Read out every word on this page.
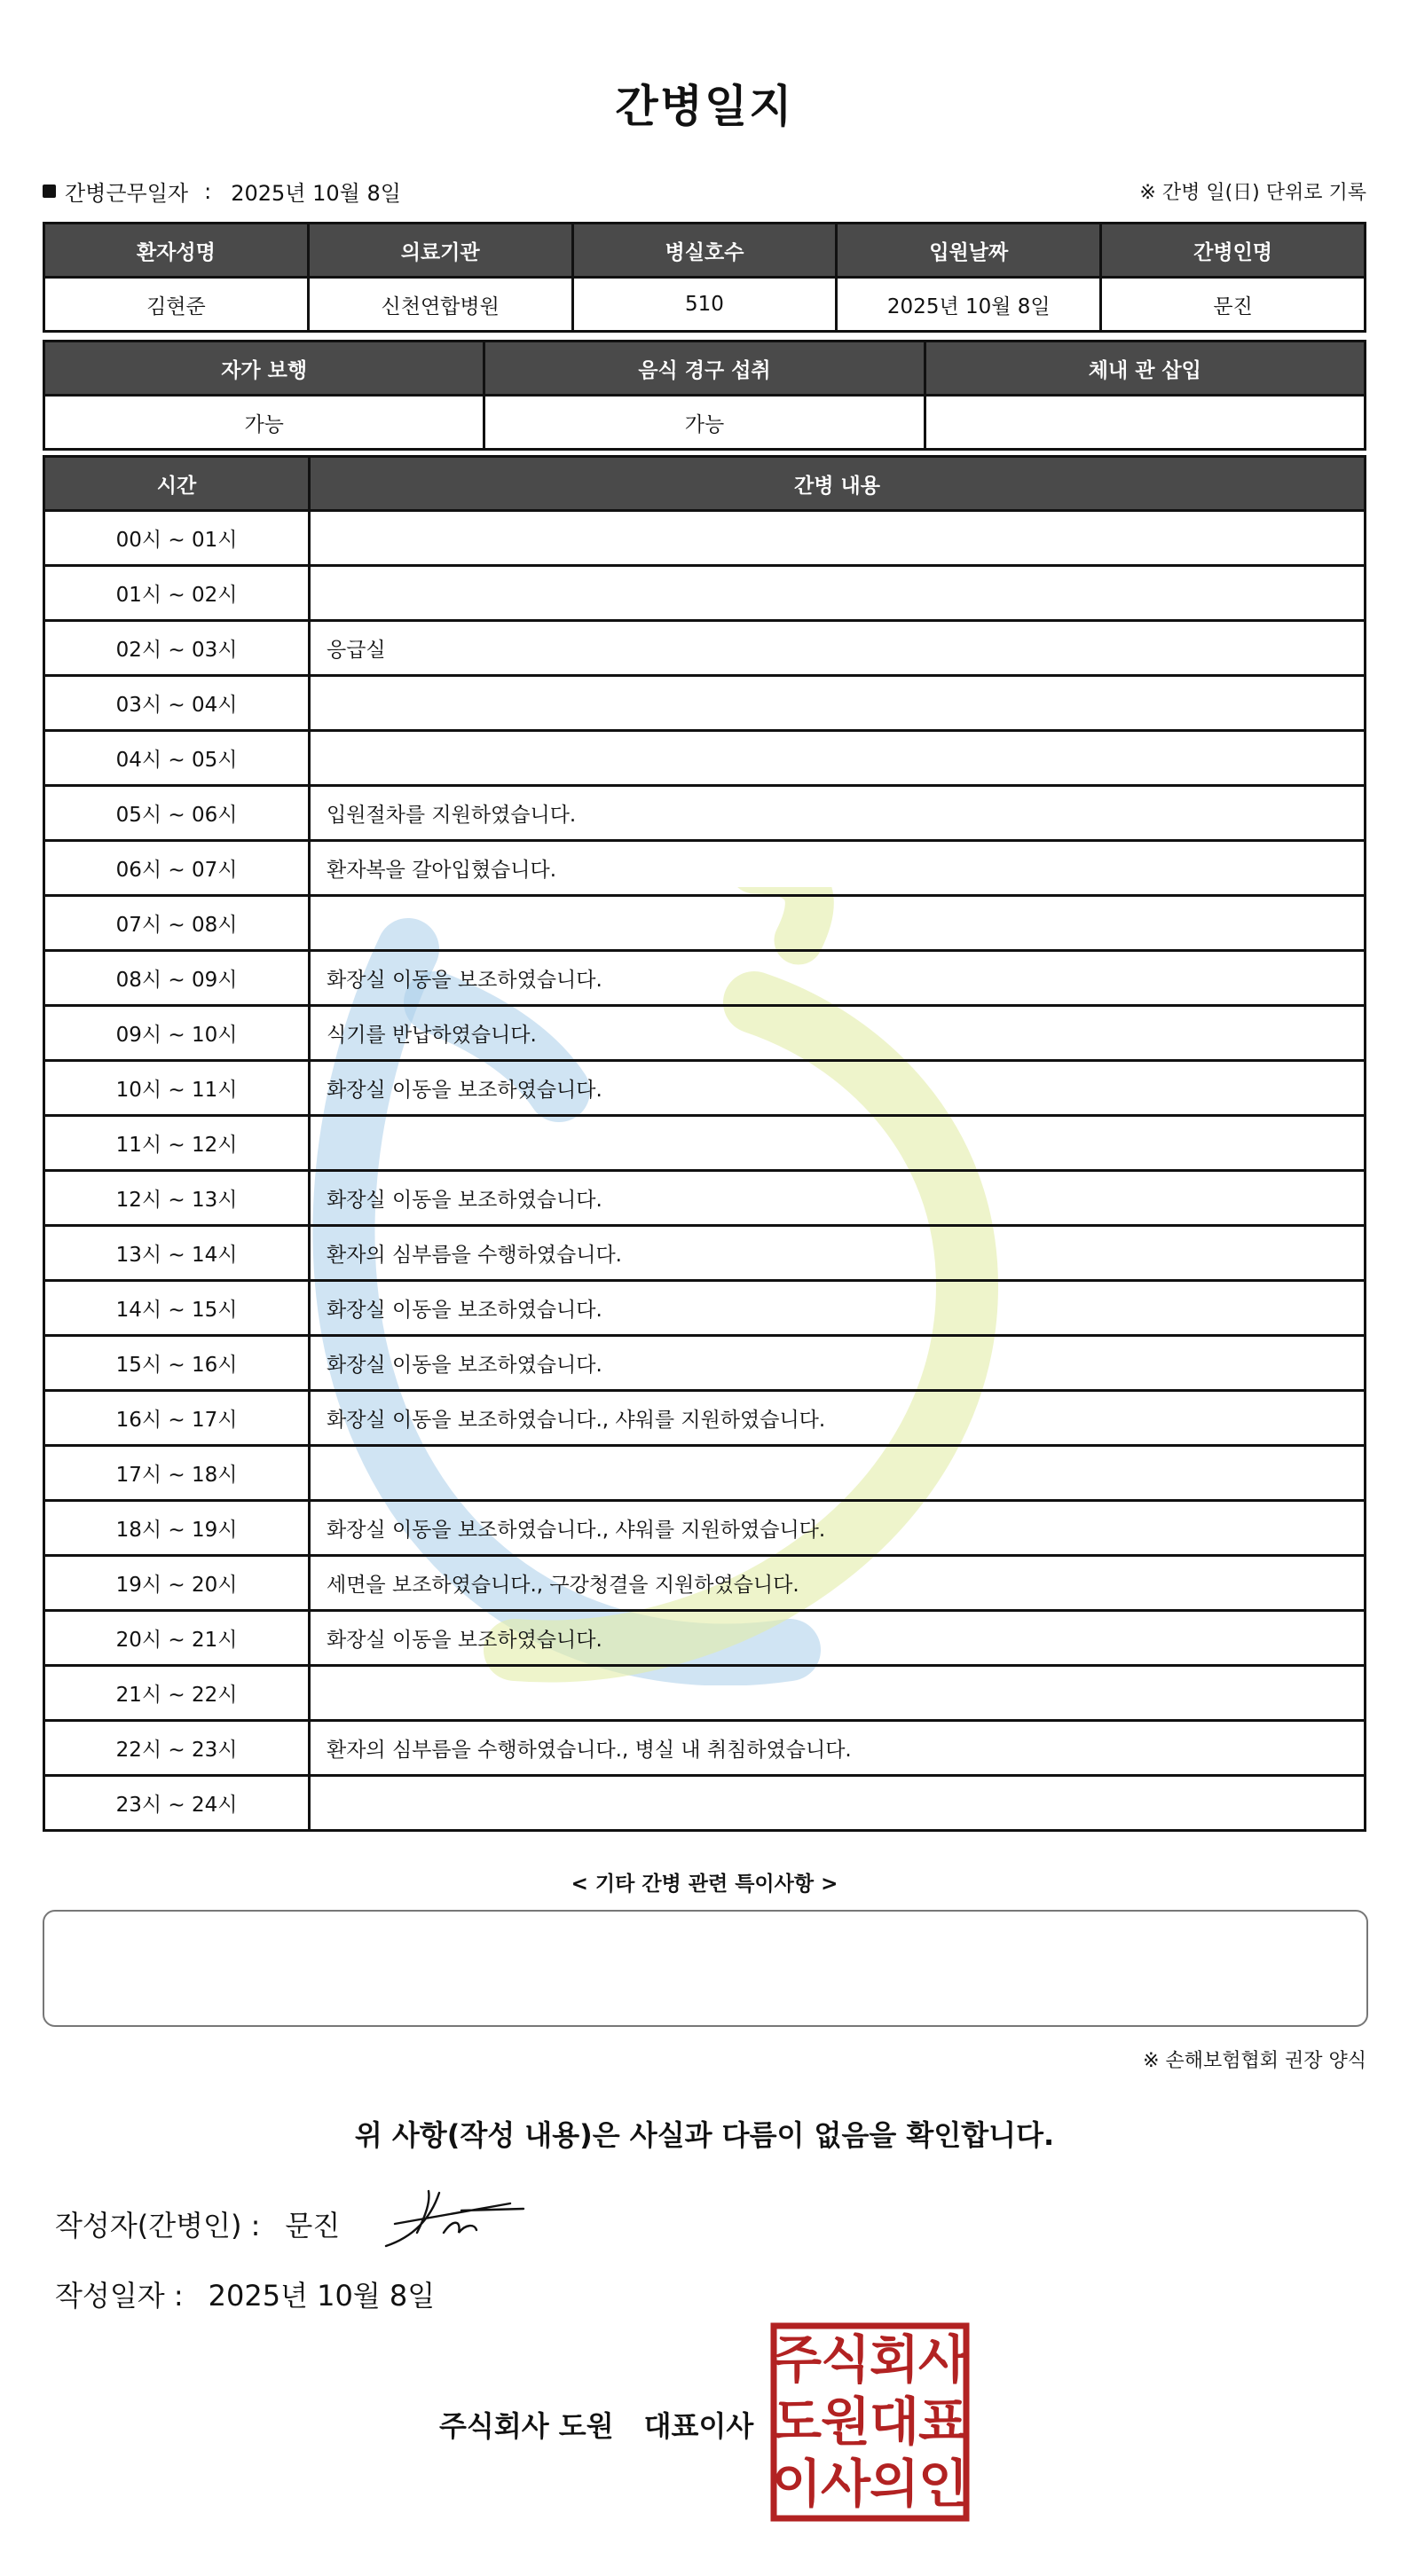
간병일지
간병근무일자 : 2025년 10월 8일	※ 간병 일(日) 단위로 기록
환자성명	의료기관	병실호수	입원날짜	간병인명
김현준	신천연합병원	510	2025년 10월 8일	문진
자가 보행	음식 경구 섭취	체내 관 삽입
가능	가능	
시간	간병 내용
00시 ~ 01시	
01시 ~ 02시	
02시 ~ 03시	응급실
03시 ~ 04시	
04시 ~ 05시	
05시 ~ 06시	입원절차를 지원하였습니다.
06시 ~ 07시	환자복을 갈아입혔습니다.
07시 ~ 08시	
08시 ~ 09시	화장실 이동을 보조하였습니다.
09시 ~ 10시	식기를 반납하였습니다.
10시 ~ 11시	화장실 이동을 보조하였습니다.
11시 ~ 12시	
12시 ~ 13시	화장실 이동을 보조하였습니다.
13시 ~ 14시	환자의 심부름을 수행하였습니다.
14시 ~ 15시	화장실 이동을 보조하였습니다.
15시 ~ 16시	화장실 이동을 보조하였습니다.
16시 ~ 17시	화장실 이동을 보조하였습니다., 샤워를 지원하였습니다.
17시 ~ 18시	
18시 ~ 19시	화장실 이동을 보조하였습니다., 샤워를 지원하였습니다.
19시 ~ 20시	세면을 보조하였습니다., 구강청결을 지원하였습니다.
20시 ~ 21시	화장실 이동을 보조하였습니다.
21시 ~ 22시	
22시 ~ 23시	환자의 심부름을 수행하였습니다., 병실 내 취침하였습니다.
23시 ~ 24시	
< 기타 간병 관련 특이사항 >
※ 손해보험협회 권장 양식
위 사항(작성 내용)은 사실과 다름이 없음을 확인합니다.
작성자(간병인) : 문진
작성일자 : 2025년 10월 8일
주식회사 도원 대표이사
주
식
회
사
도
원
대
표
이
사
의
인
